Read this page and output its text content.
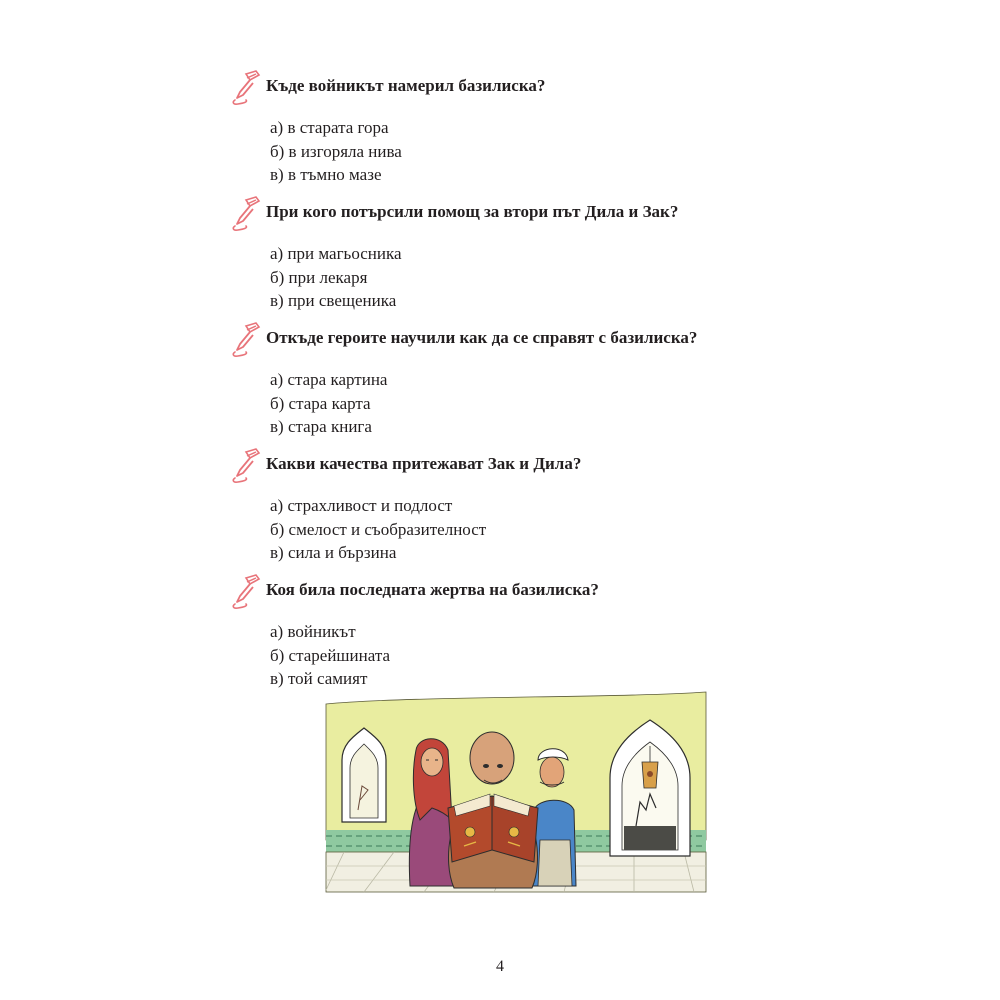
Къде войникът намерил базилиска?
а) в старата гора
б) в изгоряла нива
в) в тъмно мазе
При кого потърсили помощ за втори път Дила и Зак?
а) при магьосника
б) при лекаря
в) при свещеника
Откъде героите научили как да се справят с базилиска?
а) стара картина
б) стара карта
в) стара книга
Какви качества притежават Зак и Дила?
а) страхливост и подлост
б) смелост и съобразителност
в) сила и бързина
Коя била последната жертва на базилиска?
а) войникът
б) старейшината
в) той самият
4
